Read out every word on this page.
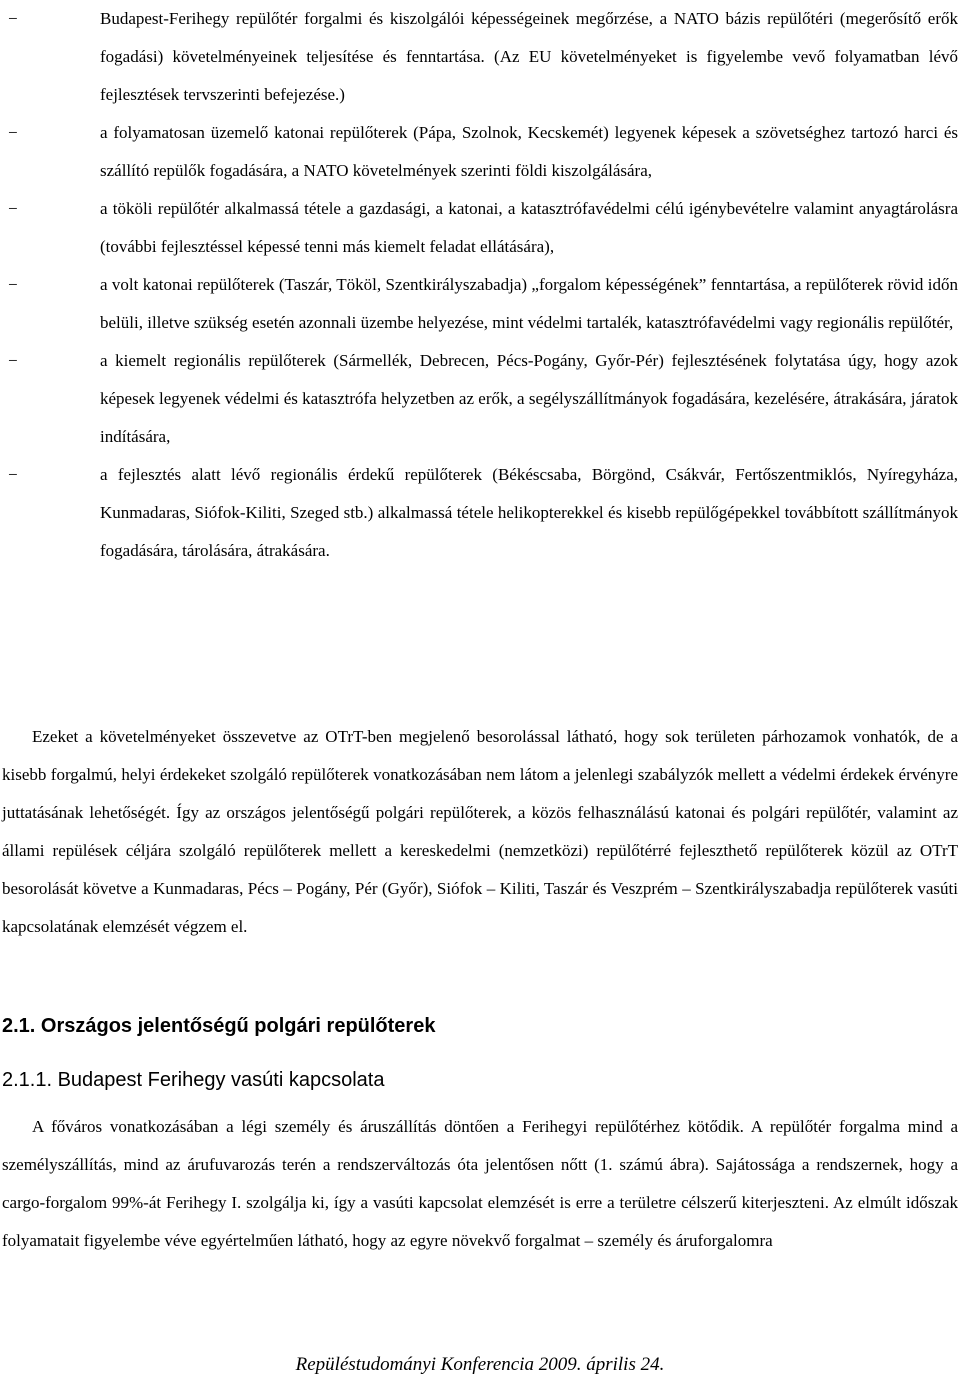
−	Budapest-Ferihegy repülőtér forgalmi és kiszolgálói képességeinek megőrzése, a NATO bázis repülőtéri (megerősítő erők fogadási) követelményeinek teljesítése és fenntartása. (Az EU követelményeket is figyelembe vevő folyamatban lévő fejlesztések tervszerinti befejezése.)
−	a folyamatosan üzemelő katonai repülőterek (Pápa, Szolnok, Kecskemét) legyenek képesek a szövetséghez tartozó harci és szállító repülők fogadására, a NATO követelmények szerinti földi kiszolgálására,
−	a tököli repülőtér alkalmassá tétele a gazdasági, a katonai, a katasztrófavédelmi célú igénybevételre valamint anyagtárolásra (további fejlesztéssel képessé tenni más kiemelt feladat ellátására),
−	a volt katonai repülőterek (Taszár, Tököl, Szentkirályszabadja) „forgalom képességének” fenntartása, a repülőterek rövid időn belüli, illetve szükség esetén azonnali üzembe helyezése, mint védelmi tartalék, katasztrófavédelmi vagy regionális repülőtér,
−	a kiemelt regionális repülőterek (Sármellék, Debrecen, Pécs-Pogány, Győr-Pér) fejlesztésének folytatása úgy, hogy azok képesek legyenek védelmi és katasztrófa helyzetben az erők, a segélyszállítmányok fogadására, kezelésére, átrakására, járatok indítására,
−	a fejlesztés alatt lévő regionális érdekű repülőterek (Békéscsaba, Börgönd, Csákvár, Fertőszentmiklós, Nyíregyháza, Kunmadaras, Siófok-Kiliti, Szeged stb.) alkalmassá tétele helikopterekkel és kisebb repülőgépekkel továbbított szállítmányok fogadására, tárolására, átrakására.

Ezeket a követelményeket összevetve az OTrT-ben megjelenő besorolással látható, hogy sok területen párhozamok vonhatók, de a kisebb forgalmú, helyi érdekeket szolgáló repülőterek vonatkozásában nem látom a jelenlegi szabályzók mellett a védelmi érdekek érvényre juttatásának lehetőségét. Így az országos jelentőségű polgári repülőterek, a közös felhasználású katonai és polgári repülőtér, valamint az állami repülések céljára szolgáló repülőterek mellett a kereskedelmi (nemzetközi) repülőtérré fejleszthető repülőterek közül az OTrT besorolását követve a Kunmadaras, Pécs – Pogány, Pér (Győr), Siófok – Kiliti, Taszár és Veszprém – Szentkirályszabadja repülőterek vasúti kapcsolatának elemzését végzem el.

2.1. Országos jelentőségű polgári repülőterek
2.1.1. Budapest Ferihegy vasúti kapcsolata

A főváros vonatkozásában a légi személy és áruszállítás döntően a Ferihegyi repülőtérhez kötődik. A repülőtér forgalma mind a személyszállítás, mind az árufuvarozás terén a rendszerváltozás óta jelentősen nőtt (1. számú ábra). Sajátossága a rendszernek, hogy a cargo-forgalom 99%-át Ferihegy I. szolgálja ki, így a vasúti kapcsolat elemzését is erre a területre célszerű kiterjeszteni. Az elmúlt időszak folyamatait figyelembe véve egyértelműen látható, hogy az egyre növekvő forgalmat – személy és áruforgalomra

Repüléstudományi Konferencia 2009. április 24.
